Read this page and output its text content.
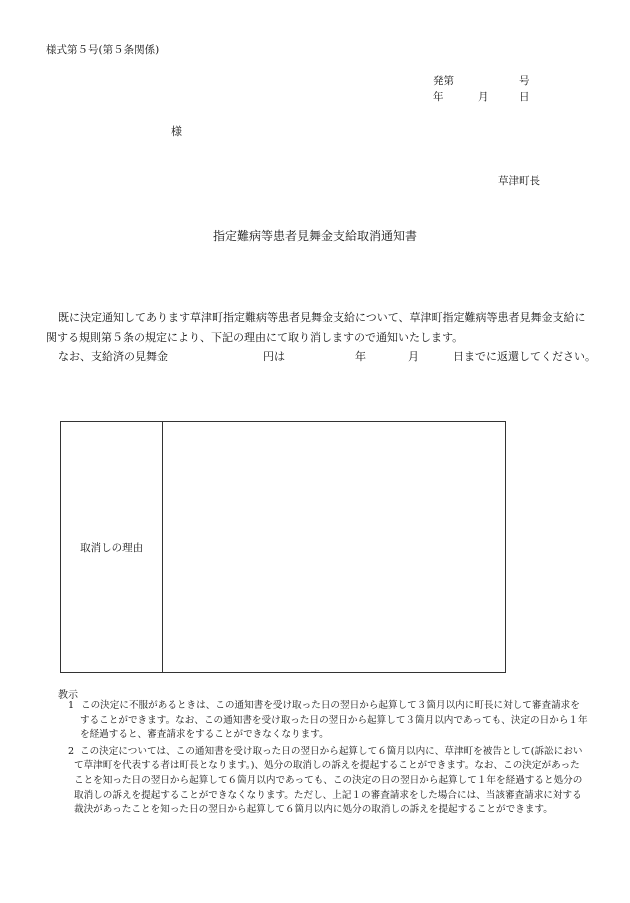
様式第５号(第５条関係)
発第	号
年	月	日
様
草津町長
指定難病等患者見舞金支給取消通知書

既に決定通知してあります草津町指定難病等患者見舞金支給について、草津町指定難病等患者見舞金支給に

関する規則第５条の規定により、下記の理由にて取り消しますので通知いたします。

なお、支給済の見舞金	円は	年	月	日までに返還してください。
取消しの理由	
教示
1 この決定に不服があるときは、この通知書を受け取った日の翌日から起算して３箇月以内に町長に対して審査請求をすることができます。なお、この通知書を受け取った日の翌日から起算して３箇月以内であっても、決定の日から１年を経過すると、審査請求をすることができなくなります。
2 この決定については、この通知書を受け取った日の翌日から起算して６箇月以内に、草津町を被告として(訴訟において草津町を代表する者は町長となります。)、処分の取消しの訴えを提起することができます。なお、この決定があったことを知った日の翌日から起算して６箇月以内であっても、この決定の日の翌日から起算して１年を経過すると処分の取消しの訴えを提起することができなくなります。ただし、上記１の審査請求をした場合には、当該審査請求に対する裁決があったことを知った日の翌日から起算して６箇月以内に処分の取消しの訴えを提起することができます。
